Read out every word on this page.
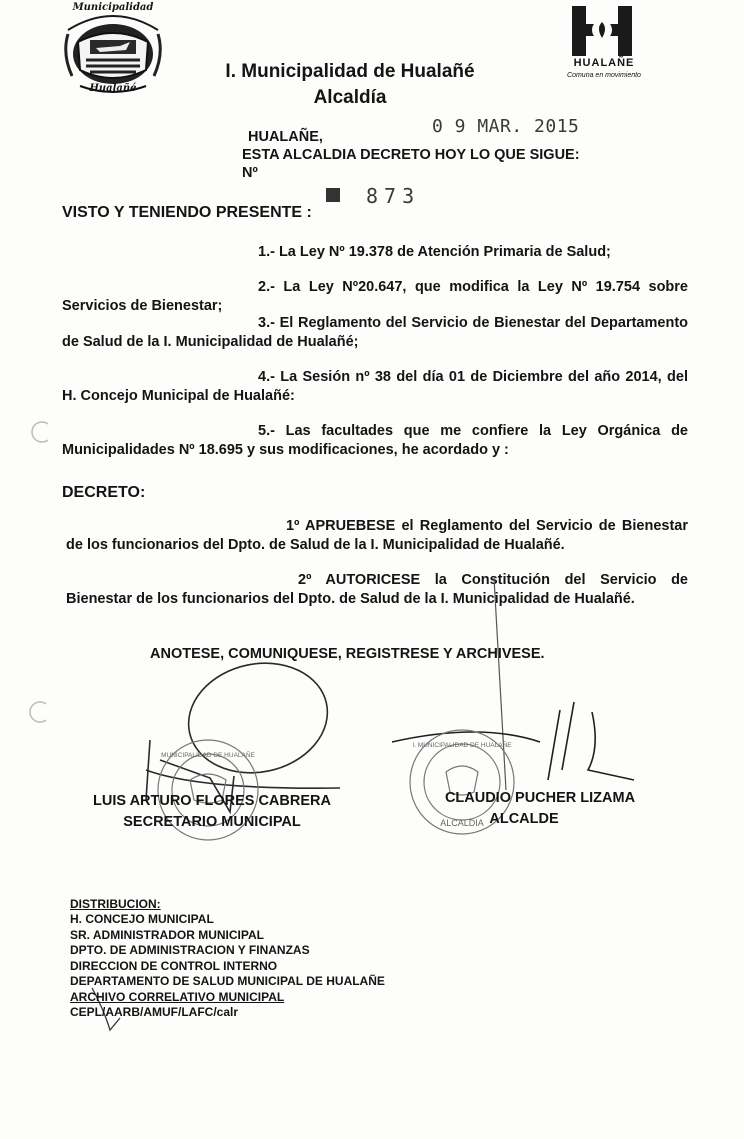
Municipalidad
Hualañé
I. Municipalidad de Hualañé
Alcaldía
HUALAÑE
Comuna en movimiento
0 9 MAR. 2015
HUALAÑE,
ESTA ALCALDIA DECRETO HOY LO QUE SIGUE:
Nº
873
VISTO Y TENIENDO PRESENTE :
1.- La Ley Nº 19.378 de Atención Primaria de Salud;
2.- La Ley Nº20.647, que modifica la Ley Nº 19.754 sobre Servicios de Bienestar;
3.- El Reglamento del Servicio de Bienestar del Departamento de Salud de la I. Municipalidad de Hualañé;
4.- La Sesión nº 38 del día 01 de Diciembre del año 2014, del H. Concejo Municipal de Hualañé:
5.- Las facultades que me confiere la Ley Orgánica de Municipalidades Nº 18.695 y sus modificaciones, he acordado y :
DECRETO:
1º APRUEBESE el Reglamento del Servicio de Bienestar de los funcionarios del Dpto. de Salud de la I. Municipalidad de Hualañé.
2º AUTORICESE la Constitución del Servicio de Bienestar de los funcionarios del Dpto. de Salud de la I. Municipalidad de Hualañé.
ANOTESE, COMUNIQUESE, REGISTRESE Y ARCHIVESE.
MUNICIPALIDAD DE HUALAÑE
I. MUNICIPALIDAD DE HUALAÑE
ALCALDIA
LUIS ARTURO FLORES CABRERA
SECRETARIO MUNICIPAL
CLAUDIO PUCHER LIZAMA
ALCALDE
DISTRIBUCION:
H. CONCEJO MUNICIPAL
SR. ADMINISTRADOR MUNICIPAL
DPTO. DE ADMINISTRACION Y FINANZAS
DIRECCION DE CONTROL INTERNO
DEPARTAMENTO DE SALUD MUNICIPAL DE HUALAÑE
ARCHIVO CORRELATIVO MUNICIPAL
CEPL/AARB/AMUF/LAFC/calr
